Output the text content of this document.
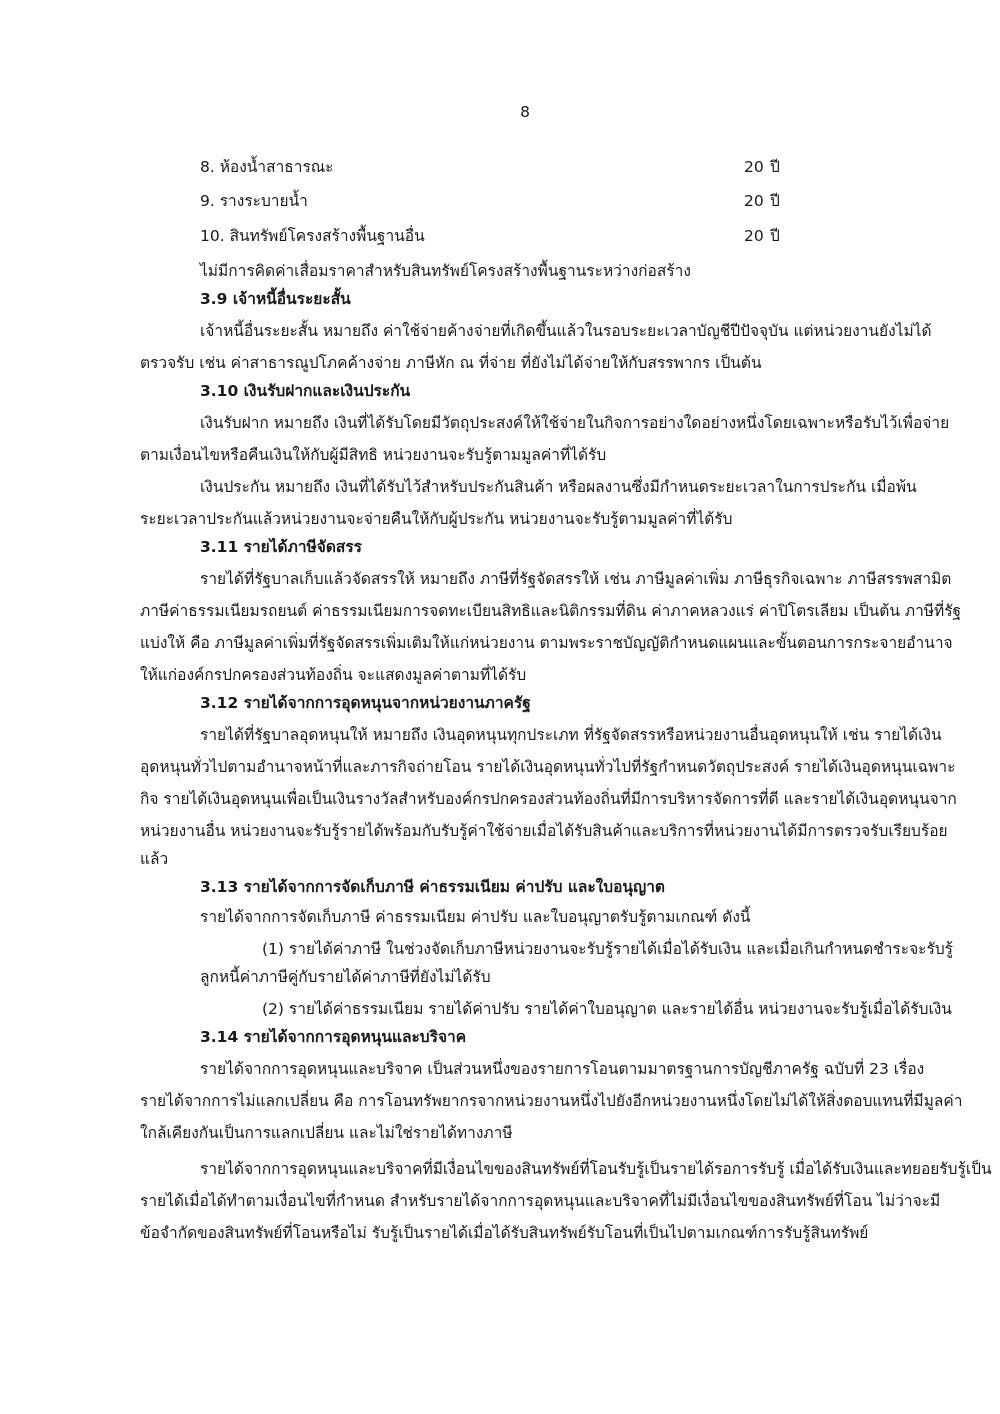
8
8. ห้องน้ำสาธารณะ	20 ปี
9. รางระบายน้ำ	20 ปี
10. สินทรัพย์โครงสร้างพื้นฐานอื่น	20 ปี
ไม่มีการคิดค่าเสื่อมราคาสำหรับสินทรัพย์โครงสร้างพื้นฐานระหว่างก่อสร้าง
3.9 เจ้าหนี้อื่นระยะสั้น
เจ้าหนี้อื่นระยะสั้น หมายถึง ค่าใช้จ่ายค้างจ่ายที่เกิดขึ้นแล้วในรอบระยะเวลาบัญชีปีปัจจุบัน แต่หน่วยงานยังไม่ได้
ตรวจรับ เช่น ค่าสาธารณูปโภคค้างจ่าย ภาษีหัก ณ ที่จ่าย ที่ยังไม่ได้จ่ายให้กับสรรพากร เป็นต้น
3.10 เงินรับฝากและเงินประกัน
เงินรับฝาก หมายถึง เงินที่ได้รับโดยมีวัตถุประสงค์ให้ใช้จ่ายในกิจการอย่างใดอย่างหนึ่งโดยเฉพาะหรือรับไว้เพื่อจ่าย
ตามเงื่อนไขหรือคืนเงินให้กับผู้มีสิทธิ หน่วยงานจะรับรู้ตามมูลค่าที่ได้รับ
เงินประกัน หมายถึง เงินที่ได้รับไว้สำหรับประกันสินค้า หรือผลงานซึ่งมีกำหนดระยะเวลาในการประกัน เมื่อพ้น
ระยะเวลาประกันแล้วหน่วยงานจะจ่ายคืนให้กับผู้ประกัน หน่วยงานจะรับรู้ตามมูลค่าที่ได้รับ
3.11 รายได้ภาษีจัดสรร
รายได้ที่รัฐบาลเก็บแล้วจัดสรรให้ หมายถึง ภาษีที่รัฐจัดสรรให้ เช่น ภาษีมูลค่าเพิ่ม ภาษีธุรกิจเฉพาะ ภาษีสรรพสามิต
ภาษีค่าธรรมเนียมรถยนต์ ค่าธรรมเนียมการจดทะเบียนสิทธิและนิติกรรมที่ดิน ค่าภาคหลวงแร่ ค่าปิโตรเลียม เป็นต้น ภาษีที่รัฐ
แบ่งให้ คือ ภาษีมูลค่าเพิ่มที่รัฐจัดสรรเพิ่มเติมให้แก่หน่วยงาน ตามพระราชบัญญัติกำหนดแผนและขั้นตอนการกระจายอำนาจ
ให้แก่องค์กรปกครองส่วนท้องถิ่น จะแสดงมูลค่าตามที่ได้รับ
3.12 รายได้จากการอุดหนุนจากหน่วยงานภาครัฐ
รายได้ที่รัฐบาลอุดหนุนให้ หมายถึง เงินอุดหนุนทุกประเภท ที่รัฐจัดสรรหรือหน่วยงานอื่นอุดหนุนให้ เช่น รายได้เงิน
อุดหนุนทั่วไปตามอำนาจหน้าที่และภารกิจถ่ายโอน รายได้เงินอุดหนุนทั่วไปที่รัฐกำหนดวัตถุประสงค์ รายได้เงินอุดหนุนเฉพาะ
กิจ รายได้เงินอุดหนุนเพื่อเป็นเงินรางวัลสำหรับองค์กรปกครองส่วนท้องถิ่นที่มีการบริหารจัดการที่ดี และรายได้เงินอุดหนุนจาก
หน่วยงานอื่น หน่วยงานจะรับรู้รายได้พร้อมกับรับรู้ค่าใช้จ่ายเมื่อได้รับสินค้าและบริการที่หน่วยงานได้มีการตรวจรับเรียบร้อย
แล้ว
3.13 รายได้จากการจัดเก็บภาษี ค่าธรรมเนียม ค่าปรับ และใบอนุญาต
รายได้จากการจัดเก็บภาษี ค่าธรรมเนียม ค่าปรับ และใบอนุญาตรับรู้ตามเกณฑ์ ดังนี้
(1) รายได้ค่าภาษี ในช่วงจัดเก็บภาษีหน่วยงานจะรับรู้รายได้เมื่อได้รับเงิน และเมื่อเกินกำหนดชำระจะรับรู้
ลูกหนี้ค่าภาษีคู่กับรายได้ค่าภาษีที่ยังไม่ได้รับ
(2) รายได้ค่าธรรมเนียม รายได้ค่าปรับ รายได้ค่าใบอนุญาต และรายได้อื่น หน่วยงานจะรับรู้เมื่อได้รับเงิน
3.14 รายได้จากการอุดหนุนและบริจาค
รายได้จากการอุดหนุนและบริจาค เป็นส่วนหนึ่งของรายการโอนตามมาตรฐานการบัญชีภาครัฐ ฉบับที่ 23 เรื่อง
รายได้จากการไม่แลกเปลี่ยน คือ การโอนทรัพยากรจากหน่วยงานหนึ่งไปยังอีกหน่วยงานหนึ่งโดยไม่ได้ให้สิ่งตอบแทนที่มีมูลค่า
ใกล้เคียงกันเป็นการแลกเปลี่ยน และไม่ใช่รายได้ทางภาษี
รายได้จากการอุดหนุนและบริจาคที่มีเงื่อนไขของสินทรัพย์ที่โอนรับรู้เป็นรายได้รอการรับรู้ เมื่อได้รับเงินและทยอยรับรู้เป็น
รายได้เมื่อได้ทำตามเงื่อนไขที่กำหนด สำหรับรายได้จากการอุดหนุนและบริจาคที่ไม่มีเงื่อนไขของสินทรัพย์ที่โอน ไม่ว่าจะมี
ข้อจำกัดของสินทรัพย์ที่โอนหรือไม่ รับรู้เป็นรายได้เมื่อได้รับสินทรัพย์รับโอนที่เป็นไปตามเกณฑ์การรับรู้สินทรัพย์
